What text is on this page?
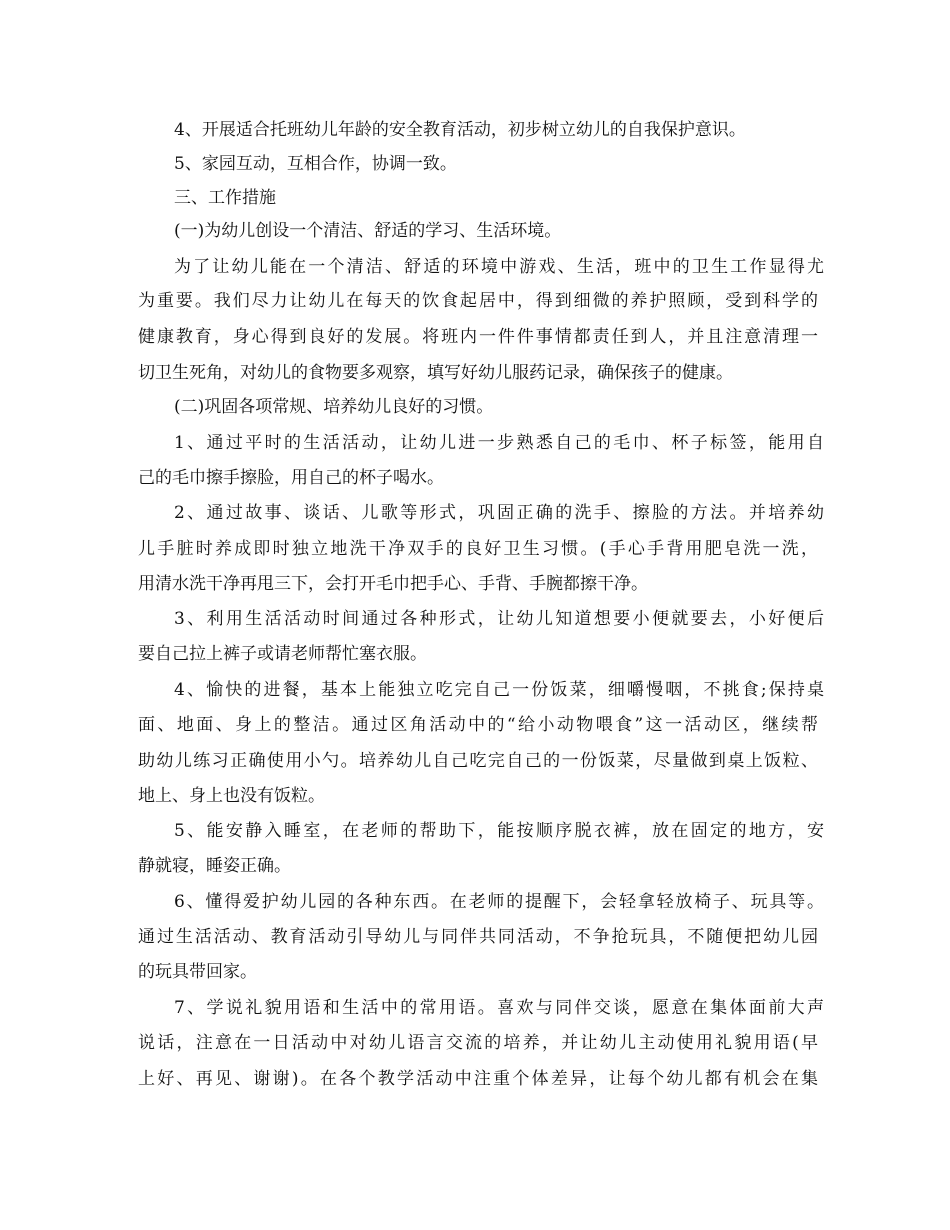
4、开展适合托班幼儿年龄的安全教育活动，初步树立幼儿的自我保护意识。
5、家园互动，互相合作，协调一致。
三、工作措施
(一)为幼儿创设一个清洁、舒适的学习、生活环境。
为了让幼儿能在一个清洁、舒适的环境中游戏、生活，班中的卫生工作显得尤
为重要。我们尽力让幼儿在每天的饮食起居中，得到细微的养护照顾，受到科学的
健康教育，身心得到良好的发展。将班内一件件事情都责任到人，并且注意清理一
切卫生死角，对幼儿的食物要多观察，填写好幼儿服药记录，确保孩子的健康。
(二)巩固各项常规、培养幼儿良好的习惯。
1、通过平时的生活活动，让幼儿进一步熟悉自己的毛巾、杯子标签，能用自
己的毛巾擦手擦脸，用自己的杯子喝水。
2、通过故事、谈话、儿歌等形式，巩固正确的洗手、擦脸的方法。并培养幼
儿手脏时养成即时独立地洗干净双手的良好卫生习惯。(手心手背用肥皂洗一洗，
用清水洗干净再甩三下，会打开毛巾把手心、手背、手腕都擦干净。
3、利用生活活动时间通过各种形式，让幼儿知道想要小便就要去，小好便后
要自己拉上裤子或请老师帮忙塞衣服。
4、愉快的进餐，基本上能独立吃完自己一份饭菜，细嚼慢咽，不挑食;保持桌
面、地面、身上的整洁。通过区角活动中的“给小动物喂食”这一活动区，继续帮
助幼儿练习正确使用小勺。培养幼儿自己吃完自己的一份饭菜，尽量做到桌上饭粒、
地上、身上也没有饭粒。
5、能安静入睡室，在老师的帮助下，能按顺序脱衣裤，放在固定的地方，安
静就寝，睡姿正确。
6、懂得爱护幼儿园的各种东西。在老师的提醒下，会轻拿轻放椅子、玩具等。
通过生活活动、教育活动引导幼儿与同伴共同活动，不争抢玩具，不随便把幼儿园
的玩具带回家。
7、学说礼貌用语和生活中的常用语。喜欢与同伴交谈，愿意在集体面前大声
说话，注意在一日活动中对幼儿语言交流的培养，并让幼儿主动使用礼貌用语(早
上好、再见、谢谢)。在各个教学活动中注重个体差异，让每个幼儿都有机会在集
